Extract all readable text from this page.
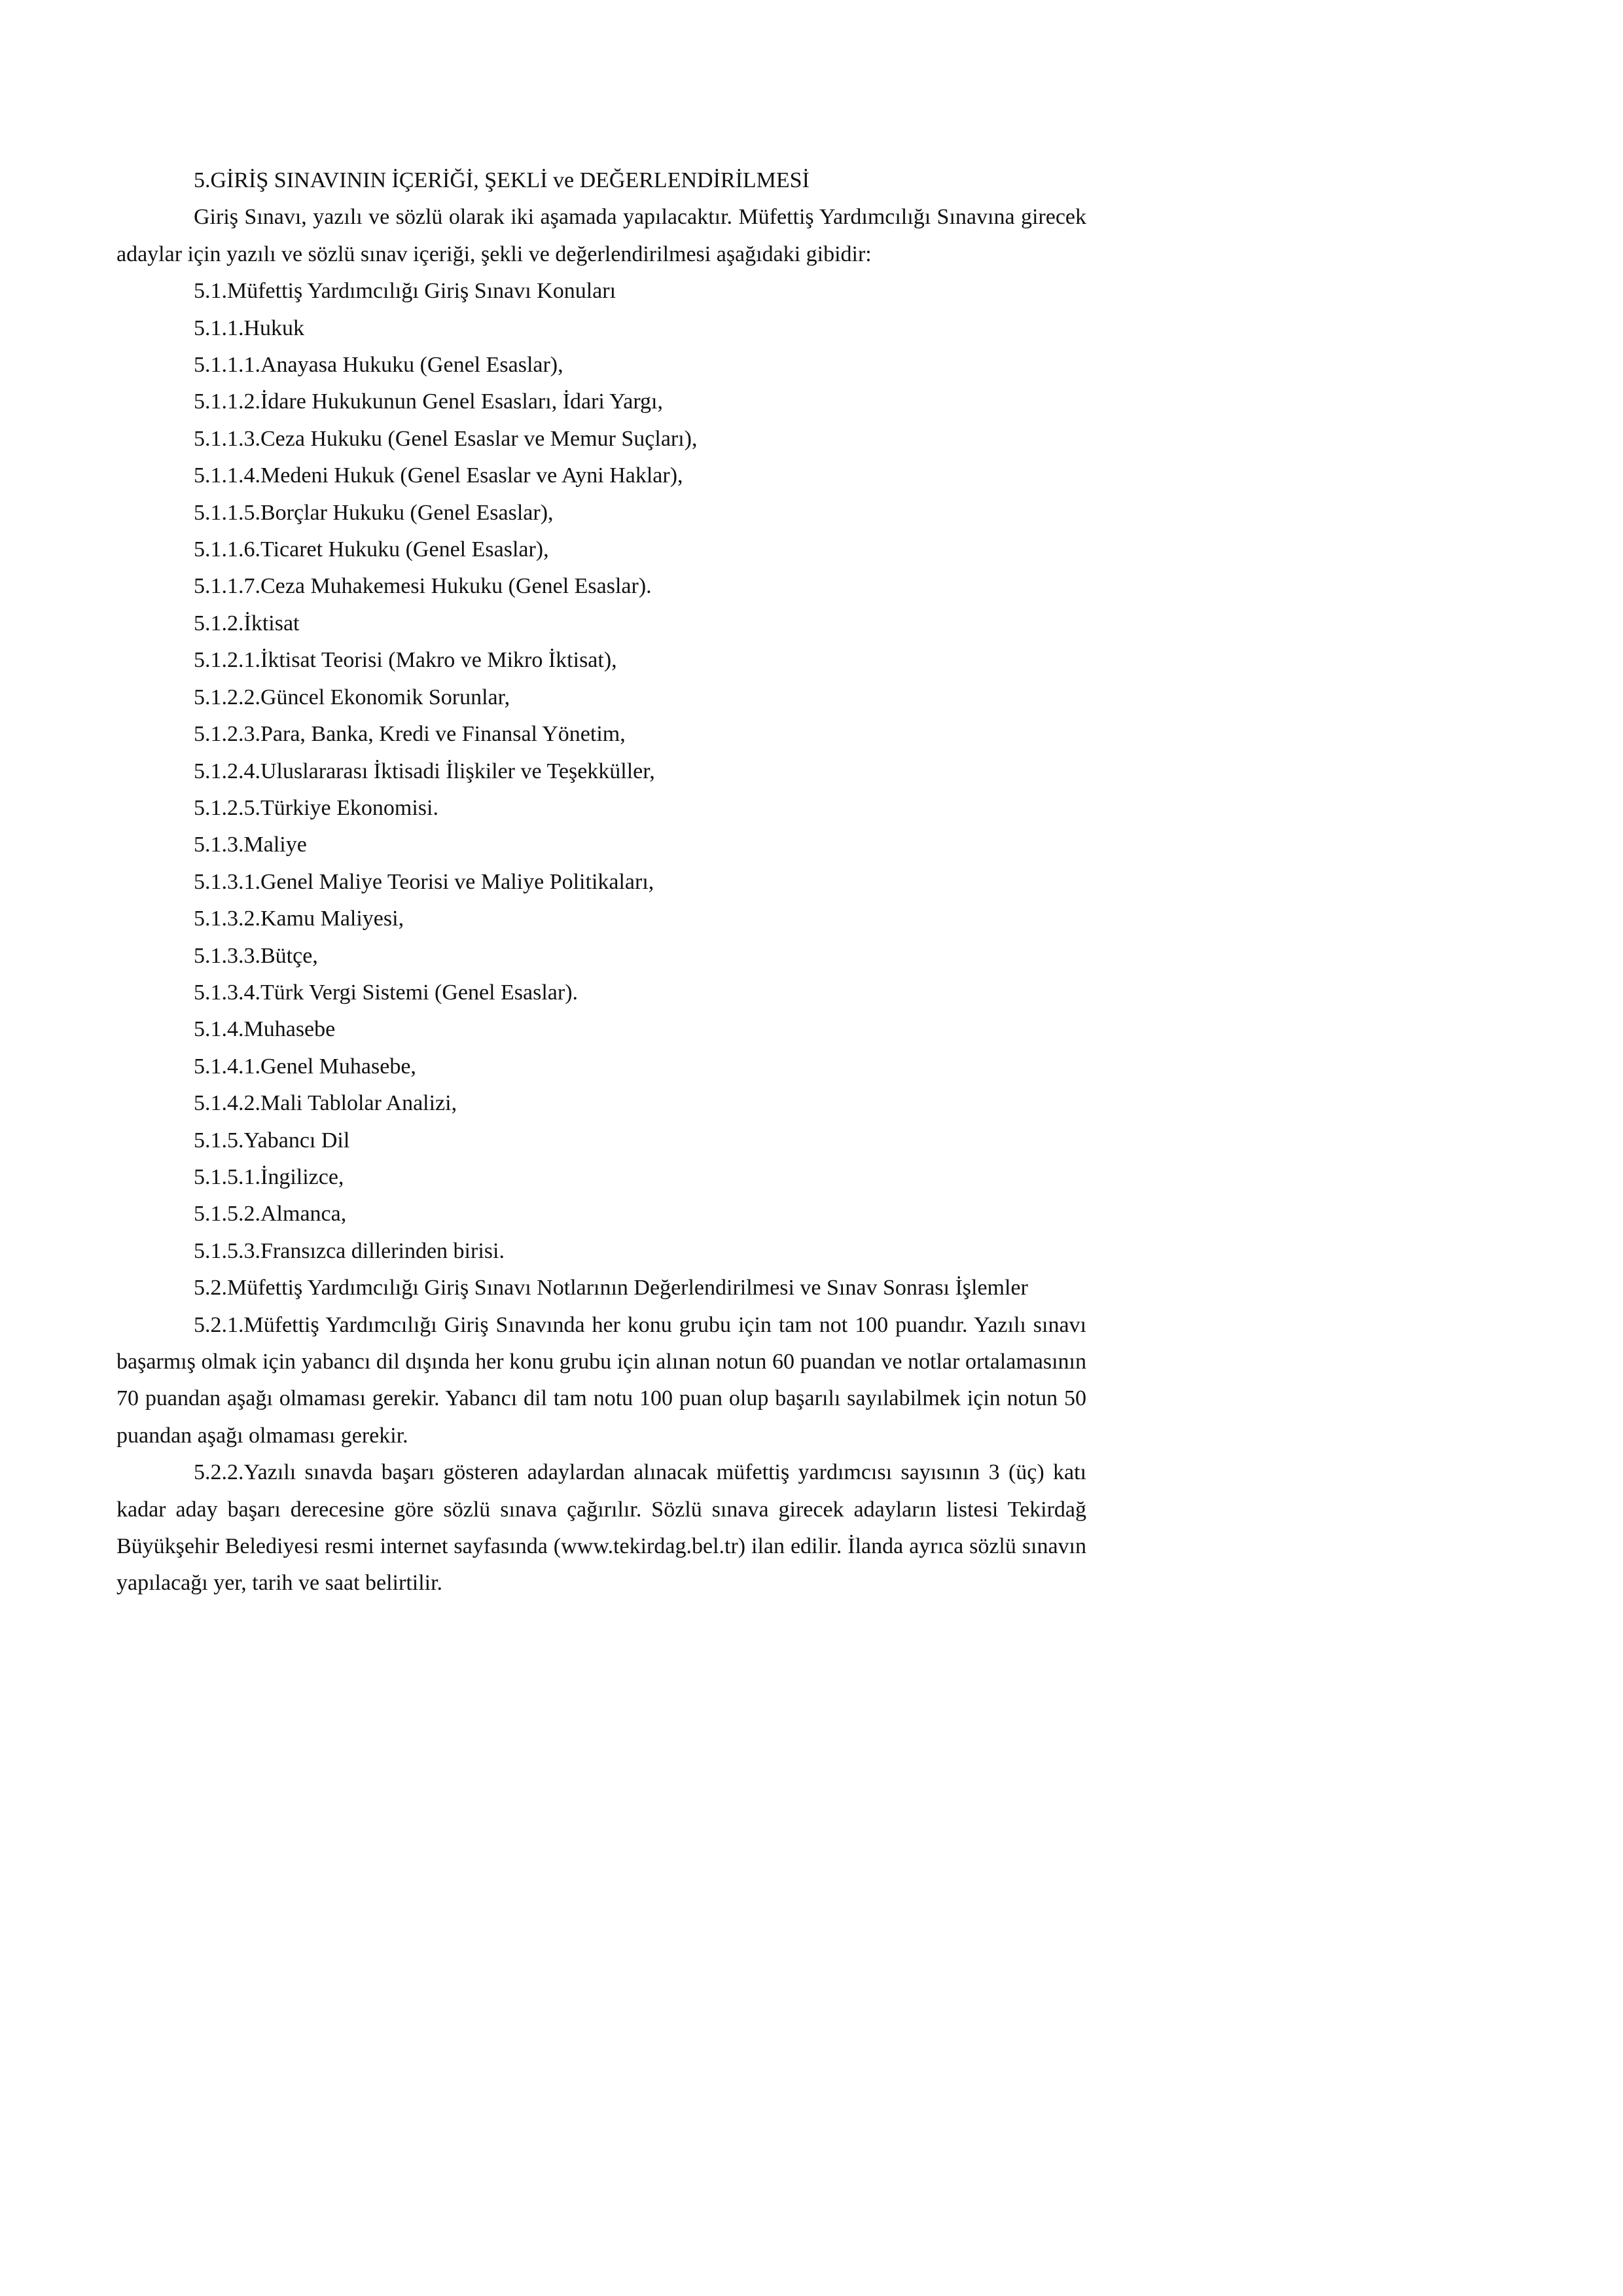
5.GİRİŞ SINAVININ İÇERİĞİ, ŞEKLİ ve DEĞERLENDİRİLMESİ

Giriş Sınavı, yazılı ve sözlü olarak iki aşamada yapılacaktır. Müfettiş Yardımcılığı Sınavına girecek adaylar için yazılı ve sözlü sınav içeriği, şekli ve değerlendirilmesi aşağıdaki gibidir:

5.1.Müfettiş Yardımcılığı Giriş Sınavı Konuları

5.1.1.Hukuk

5.1.1.1.Anayasa Hukuku (Genel Esaslar),

5.1.1.2.İdare Hukukunun Genel Esasları, İdari Yargı,

5.1.1.3.Ceza Hukuku (Genel Esaslar ve Memur Suçları),

5.1.1.4.Medeni Hukuk (Genel Esaslar ve Ayni Haklar),

5.1.1.5.Borçlar Hukuku (Genel Esaslar),

5.1.1.6.Ticaret Hukuku (Genel Esaslar),

5.1.1.7.Ceza Muhakemesi Hukuku (Genel Esaslar).

5.1.2.İktisat

5.1.2.1.İktisat Teorisi (Makro ve Mikro İktisat),

5.1.2.2.Güncel Ekonomik Sorunlar,

5.1.2.3.Para, Banka, Kredi ve Finansal Yönetim,

5.1.2.4.Uluslararası İktisadi İlişkiler ve Teşekküller,

5.1.2.5.Türkiye Ekonomisi.

5.1.3.Maliye

5.1.3.1.Genel Maliye Teorisi ve Maliye Politikaları,

5.1.3.2.Kamu Maliyesi,

5.1.3.3.Bütçe,

5.1.3.4.Türk Vergi Sistemi (Genel Esaslar).

5.1.4.Muhasebe

5.1.4.1.Genel Muhasebe,

5.1.4.2.Mali Tablolar Analizi,

5.1.5.Yabancı Dil

5.1.5.1.İngilizce,

5.1.5.2.Almanca,

5.1.5.3.Fransızca dillerinden birisi.

5.2.Müfettiş Yardımcılığı Giriş Sınavı Notlarının Değerlendirilmesi ve Sınav Sonrası İşlemler

5.2.1.Müfettiş Yardımcılığı Giriş Sınavında her konu grubu için tam not 100 puandır. Yazılı sınavı başarmış olmak için yabancı dil dışında her konu grubu için alınan notun 60 puandan ve notlar ortalamasının 70 puandan aşağı olmaması gerekir. Yabancı dil tam notu 100 puan olup başarılı sayılabilmek için notun 50 puandan aşağı olmaması gerekir.

5.2.2.Yazılı sınavda başarı gösteren adaylardan alınacak müfettiş yardımcısı sayısının 3 (üç) katı kadar aday başarı derecesine göre sözlü sınava çağırılır. Sözlü sınava girecek adayların listesi Tekirdağ Büyükşehir Belediyesi resmi internet sayfasında (www.tekirdag.bel.tr) ilan edilir. İlanda ayrıca sözlü sınavın yapılacağı yer, tarih ve saat belirtilir.
